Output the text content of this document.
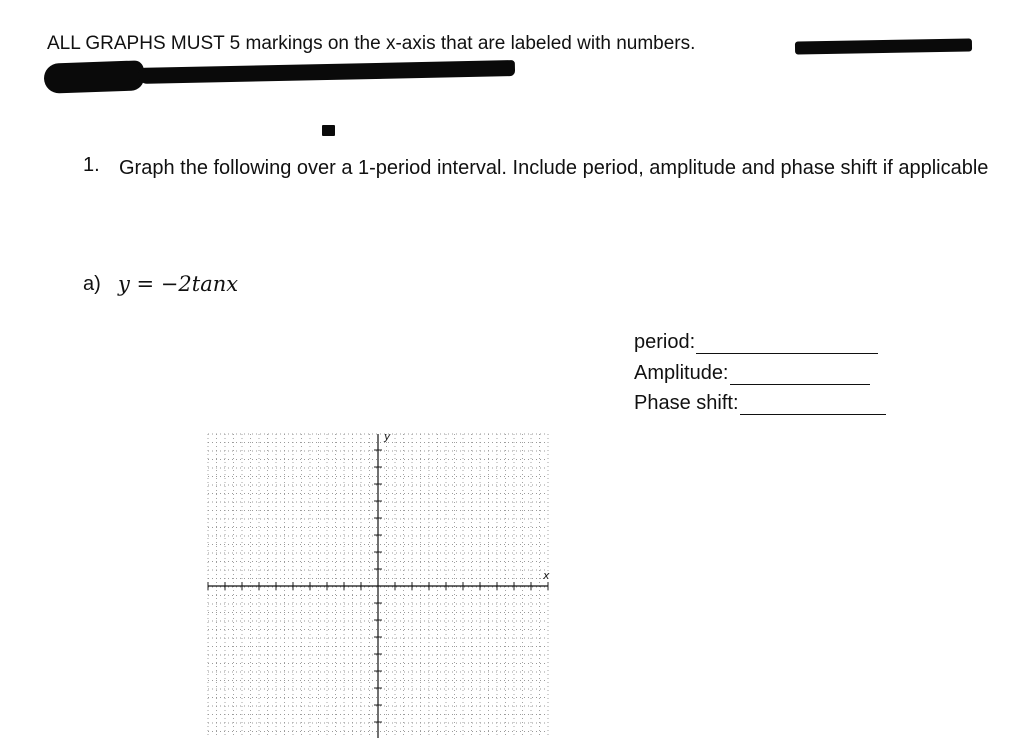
ALL GRAPHS MUST 5 markings on the x-axis that are labeled with numbers.
1. Graph the following over a 1-period interval. Include period, amplitude and phase shift if applicable
a) y = −2tanx
period:
Amplitude:
Phase shift:
y
x
